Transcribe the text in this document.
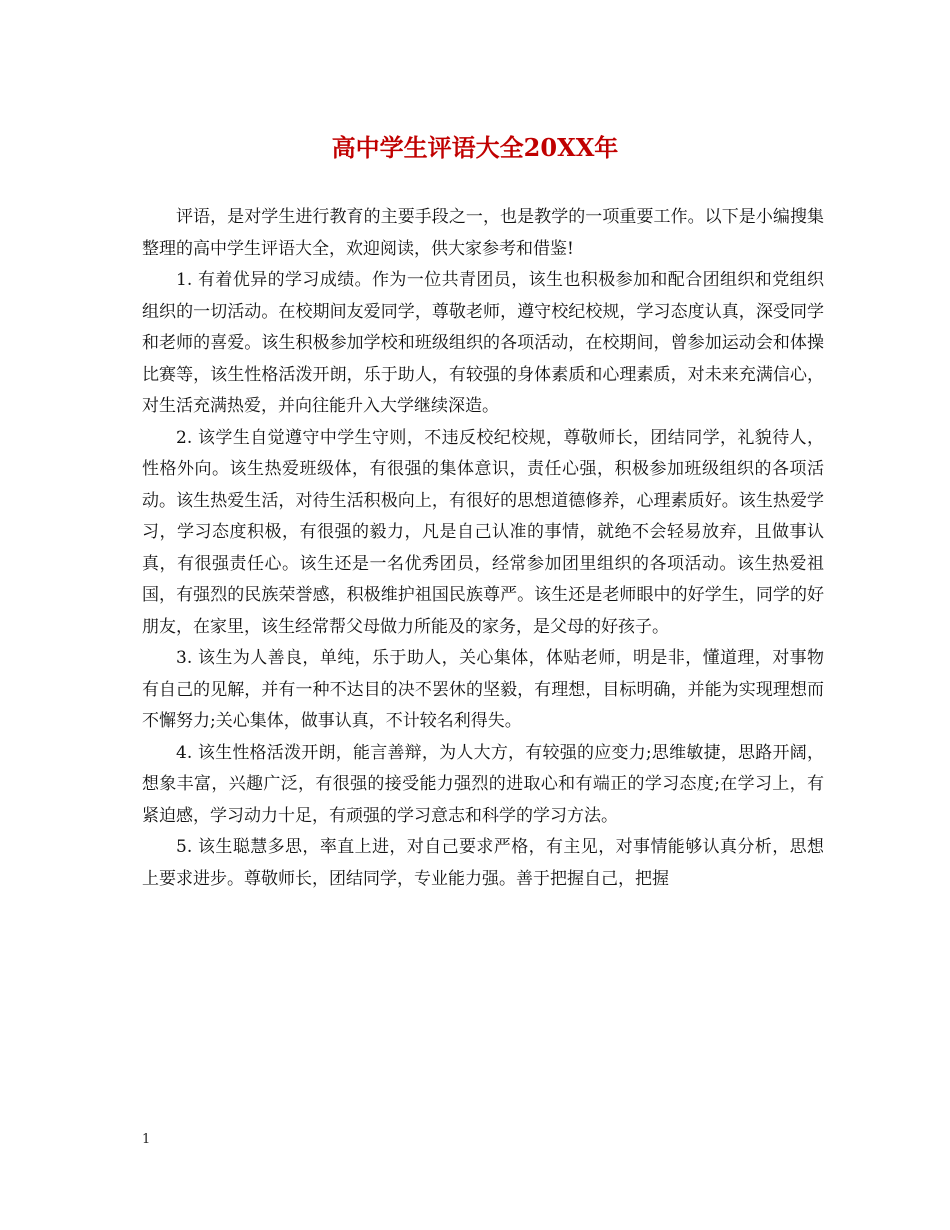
高中学生评语大全20XX年

评语，是对学生进行教育的主要手段之一，也是教学的一项重要工作。以下是小编搜集整理的高中学生评语大全，欢迎阅读，供大家参考和借鉴!

1. 有着优异的学习成绩。作为一位共青团员，该生也积极参加和配合团组织和党组织组织的一切活动。在校期间友爱同学，尊敬老师，遵守校纪校规，学习态度认真，深受同学和老师的喜爱。该生积极参加学校和班级组织的各项活动，在校期间，曾参加运动会和体操比赛等，该生性格活泼开朗，乐于助人，有较强的身体素质和心理素质，对未来充满信心，对生活充满热爱，并向往能升入大学继续深造。

2. 该学生自觉遵守中学生守则，不违反校纪校规，尊敬师长，团结同学，礼貌待人，性格外向。该生热爱班级体，有很强的集体意识，责任心强，积极参加班级组织的各项活动。该生热爱生活，对待生活积极向上，有很好的思想道德修养，心理素质好。该生热爱学习，学习态度积极，有很强的毅力，凡是自己认准的事情，就绝不会轻易放弃，且做事认真，有很强责任心。该生还是一名优秀团员，经常参加团里组织的各项活动。该生热爱祖国，有强烈的民族荣誉感，积极维护祖国民族尊严。该生还是老师眼中的好学生，同学的好朋友，在家里，该生经常帮父母做力所能及的家务，是父母的好孩子。

3. 该生为人善良，单纯，乐于助人，关心集体，体贴老师，明是非，懂道理，对事物有自己的见解，并有一种不达目的决不罢休的坚毅，有理想，目标明确，并能为实现理想而不懈努力;关心集体，做事认真，不计较名利得失。

4. 该生性格活泼开朗，能言善辩，为人大方，有较强的应变力;思维敏捷，思路开阔，想象丰富，兴趣广泛，有很强的接受能力强烈的进取心和有端正的学习态度;在学习上，有紧迫感，学习动力十足，有顽强的学习意志和科学的学习方法。

5. 该生聪慧多思，率直上进，对自己要求严格，有主见，对事情能够认真分析，思想上要求进步。尊敬师长，团结同学，专业能力强。善于把握自己，把握

1
